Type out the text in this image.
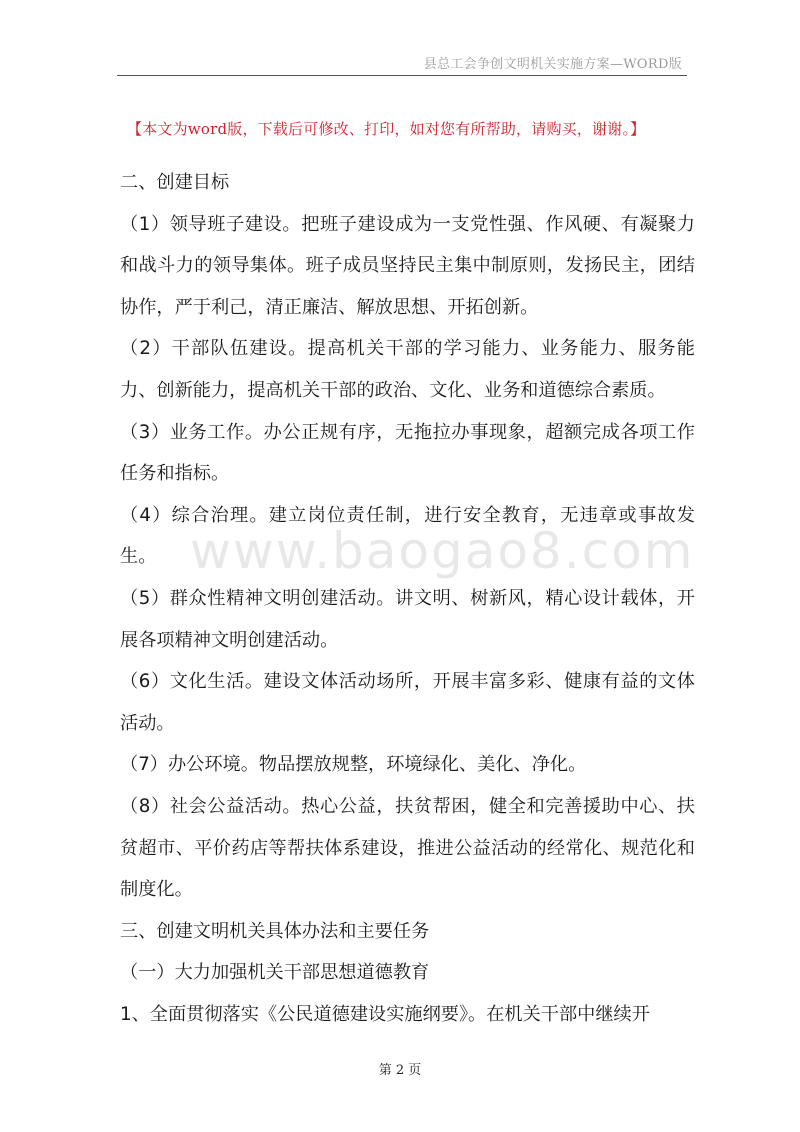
县总工会争创文明机关实施方案—WORD版
【本文为word版，下载后可修改、打印，如对您有所帮助，请购买，谢谢。】

二、创建目标

（1）领导班子建设。把班子建设成为一支党性强、作风硬、有凝聚力和战斗力的领导集体。班子成员坚持民主集中制原则，发扬民主，团结协作，严于利己，清正廉洁、解放思想、开拓创新。

（2）干部队伍建设。提高机关干部的学习能力、业务能力、服务能力、创新能力，提高机关干部的政治、文化、业务和道德综合素质。

（3）业务工作。办公正规有序，无拖拉办事现象，超额完成各项工作任务和指标。

（4）综合治理。建立岗位责任制，进行安全教育，无违章或事故发生。

（5）群众性精神文明创建活动。讲文明、树新风，精心设计载体，开展各项精神文明创建活动。

（6）文化生活。建设文体活动场所，开展丰富多彩、健康有益的文体活动。

（7）办公环境。物品摆放规整，环境绿化、美化、净化。

（8）社会公益活动。热心公益，扶贫帮困，健全和完善援助中心、扶贫超市、平价药店等帮扶体系建设，推进公益活动的经常化、规范化和制度化。

三、创建文明机关具体办法和主要任务

（一）大力加强机关干部思想道德教育

1、全面贯彻落实《公民道德建设实施纲要》。在机关干部中继续开

www.baogao8.com
第 2 页
